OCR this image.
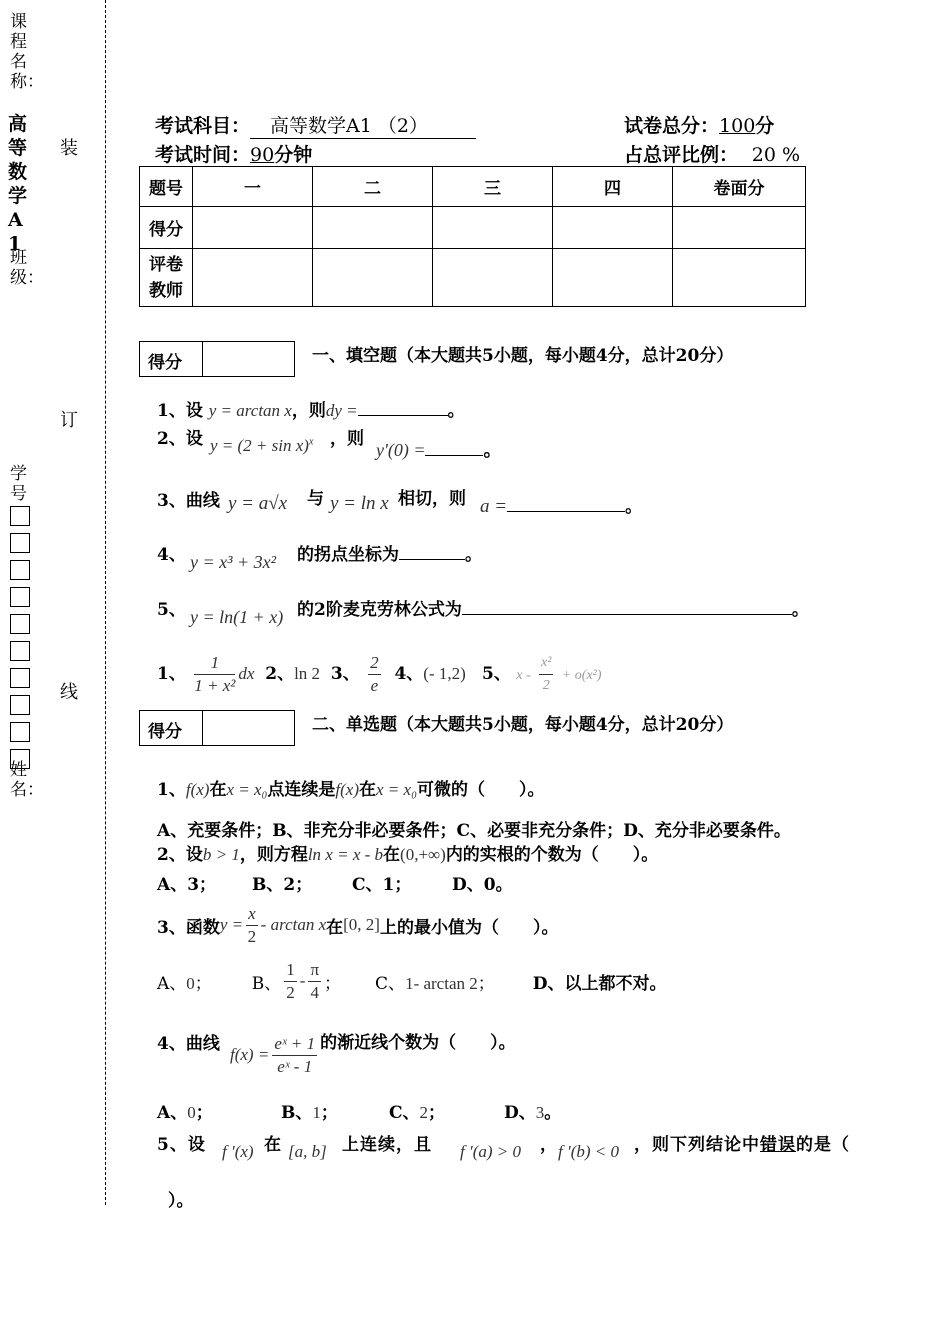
课程名称：
高等数学A1
班级：
学号
姓名：
装
订
线
考试科目： 高等数学A1 （2）	试卷总分：100分
考试时间：90分钟	占总评比例： 20 %
题号	一	二	三	四	卷面分
得分					
评卷
教师					
得分	一、填空题（本大题共5小题，每小题4分，总计20分）
1、设 y = arctan x，则dy =	。
2、设 $y = (2 + \sin x)^x$ ，则
y'(0) =	。
3、曲线 y = a√x 与 y = ln x 相切，则 a =	。
4、 y = x³ + 3x² 的拐点坐标为	。
5、 y = ln(1 + x) 的2阶麦克劳林公式为	。
1、 $\frac{1}{\text{1 + x²}}$ dx 2、ln 2 3、 $\frac{2}{e} 4$、(- 1,2) 5、 $x - \frac{\text{x²}}{2} + o(x^2)$
得分	二、单选题（本大题共5小题，每小题4分，总计20分）
1、f(x)在x = x₀点连续是f(x)在x = x₀可微的（　　）。
A、充要条件；B、非充分非必要条件；C、必要非充分条件；D、充分非必要条件。
2、设b > 1，则方程ln x = x - b在(0,+∞)内的实根的个数为（　　）。
A、3； B、2； C、1； D、0。
3、函数 $y = \frac{x}{2} - \arctan x$ 在 [0, 2] 上的最小值为（　　）。
A、0； B、 $\frac{1}{2} - \frac{\pi}{4}$ ； C、1- arctan 2； D、以上都不对。
4、曲线
$f(x) = \frac{\text{eˣ + 1}}{\text{eˣ - 1}}$ 的渐近线个数为（　　）。
A、0；	B、1；	C、2；	D、3。
5、设 f ′(x) 在 [a, b] 上连续，且 f ′(a) > 0 ， f ′(b) < 0 ，则下列结论中错误的是（
）。
